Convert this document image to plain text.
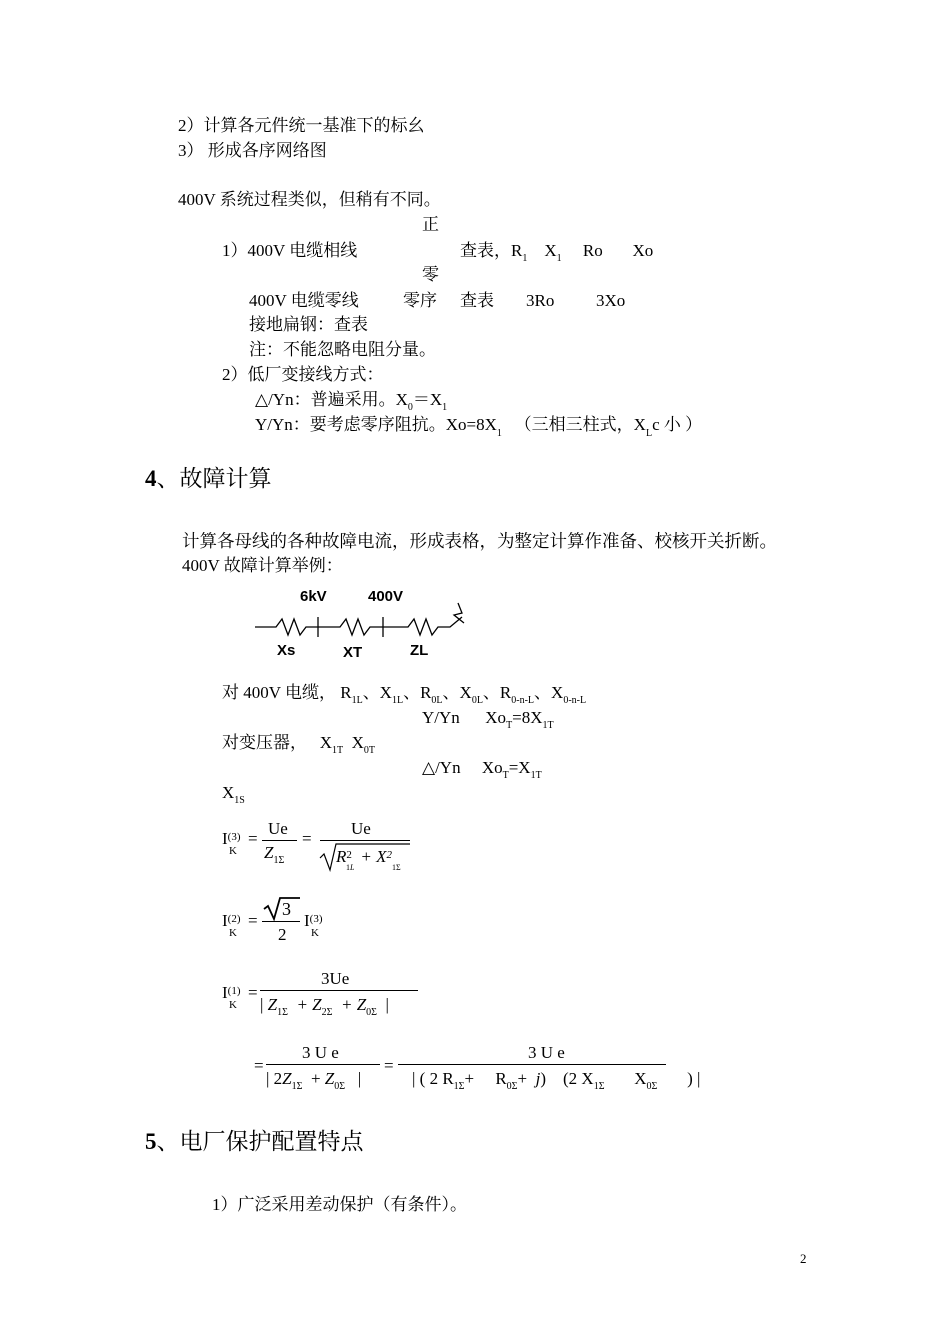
2）计算各元件统一基准下的标幺
3） 形成各序网络图
400V 系统过程类似，但稍有不同。
正
1）400V 电缆相线	查表，$R_1$    $X_1$     Ro       Xo
零
400V 电缆零线	零序 查表 3Ro 3Xo
接地扁钢：查表
注：不能忽略电阻分量。
2）低厂变接线方式：
△/Yn：普遍采用。$X_0=X_1$
Y/Yn：要考虑零序阻抗。$Xo=8X_1$ （三相三柱式，$X_Lc$ 小 ）
4、故障计算
计算各母线的各种故障电流，形成表格，为整定计算作准备、校核开关折断。
400V 故障计算举例：
6kV	400V
Xs	XT	ZL
对 400V 电缆， $R_{1L}$、$X_{1L}$、$R_{0L}$、$X_{0L}$、$R_{0-n-L}$、$X_{0-n-L}$
Y/Yn      $Xo_T=8X_{1T}$
对变压器，   $X_{1T}$  $X_{0T}$
△/Yn     $Xo_T=X_{1T}$
$X_{1S}$
$I^{(3)}$
K
=
Ue
$Z_{1\Sigma}$
=
Ue
$R^2 + X^2$
1L	1Σ
$I^{(2)}$
K
=
3
2
$I^{(3)}$
K
$I^{(1)}$
K
=
3Ue
| $Z_{1\Sigma} + Z_{2\Sigma} + Z_{0\Sigma}$ |
=
3 U e
| $2Z_{1\Sigma} + Z_{0\Sigma}$   |
=
3 U e
| ( 2 $R_{1\Sigma}+$     $R_{0\Sigma}+ j$)    (2 $X_{1\Sigma}$       $X_{0\Sigma}$       ) |
5、电厂保护配置特点
1）广泛采用差动保护（有条件）。
2
